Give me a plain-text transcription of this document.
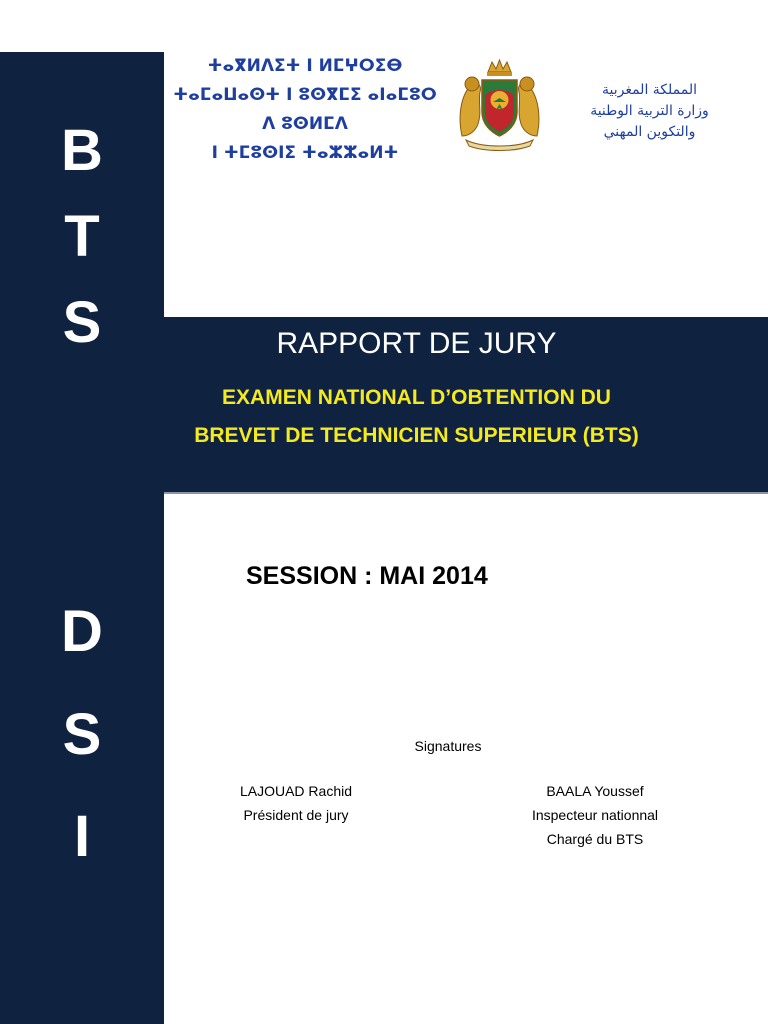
B
T
S
D
S
I
ⵜⴰⴳⵍⴷⵉⵜ ⵏ ⵍⵎⵖⵔⵉⴱ
ⵜⴰⵎⴰⵡⴰⵙⵜ ⵏ ⵓⵙⴳⵎⵉ ⴰⵏⴰⵎⵓⵔ
ⴷ ⵓⵙⵍⵎⴷ
ⵏ ⵜⵎⵓⵙⵏⵉ ⵜⴰⵣⵣⴰⵍⵜ
المملكة المغربية
وزارة التربية الوطنية
والتكوين المهني
RAPPORT DE JURY
EXAMEN NATIONAL D’OBTENTION DU
BREVET DE TECHNICIEN SUPERIEUR (BTS)
SESSION : MAI 2014
Signatures
LAJOUAD Rachid
Président de jury
BAALA Youssef
Inspecteur nationnal
Chargé du BTS
